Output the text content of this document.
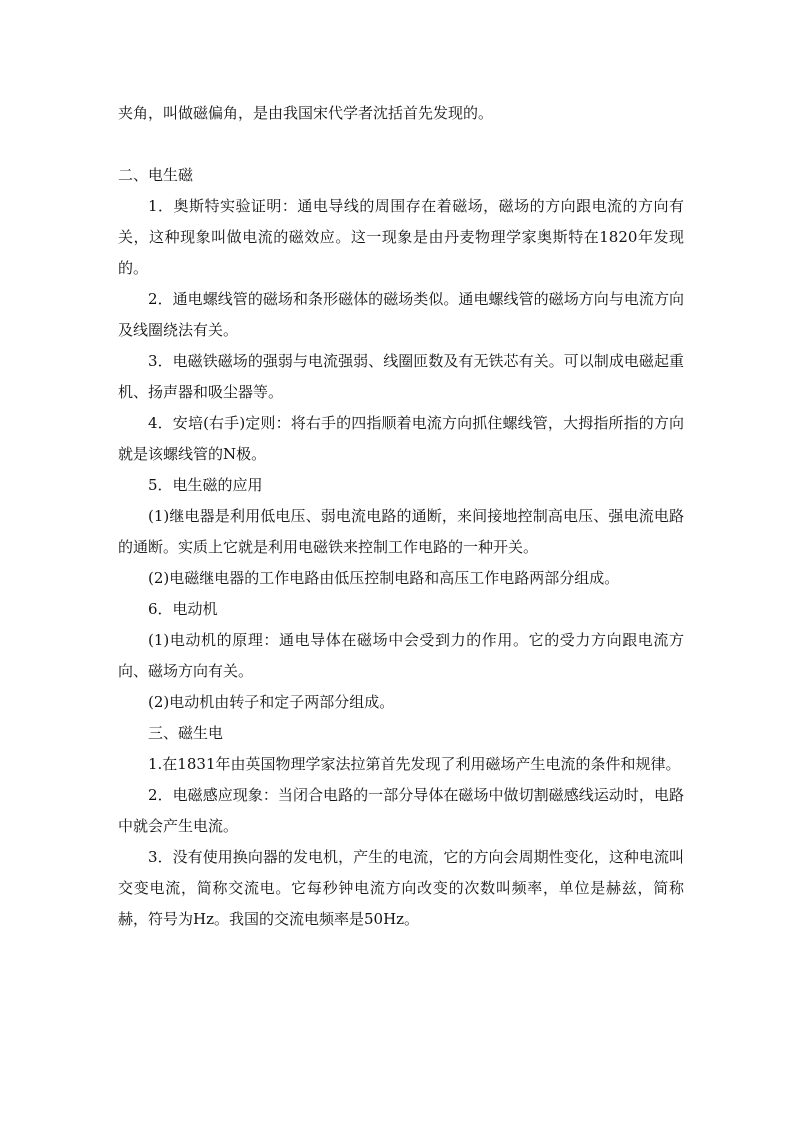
夹角，叫做磁偏角，是由我国宋代学者沈括首先发现的。

二、电生磁

1．奥斯特实验证明：通电导线的周围存在着磁场，磁场的方向跟电流的方向有关，这种现象叫做电流的磁效应。这一现象是由丹麦物理学家奥斯特在1820年发现的。

2．通电螺线管的磁场和条形磁体的磁场类似。通电螺线管的磁场方向与电流方向及线圈绕法有关。

3．电磁铁磁场的强弱与电流强弱、线圈匝数及有无铁芯有关。可以制成电磁起重机、扬声器和吸尘器等。

4．安培(右手)定则：将右手的四指顺着电流方向抓住螺线管，大拇指所指的方向就是该螺线管的N极。

5．电生磁的应用

(1)继电器是利用低电压、弱电流电路的通断，来间接地控制高电压、强电流电路的通断。实质上它就是利用电磁铁来控制工作电路的一种开关。

(2)电磁继电器的工作电路由低压控制电路和高压工作电路两部分组成。

6．电动机

(1)电动机的原理：通电导体在磁场中会受到力的作用。它的受力方向跟电流方向、磁场方向有关。

(2)电动机由转子和定子两部分组成。

三、磁生电

1.在1831年由英国物理学家法拉第首先发现了利用磁场产生电流的条件和规律。

2．电磁感应现象：当闭合电路的一部分导体在磁场中做切割磁感线运动时，电路中就会产生电流。

3．没有使用换向器的发电机，产生的电流，它的方向会周期性变化，这种电流叫交变电流，简称交流电。它每秒钟电流方向改变的次数叫频率，单位是赫兹，简称赫，符号为Hz。我国的交流电频率是50Hz。
